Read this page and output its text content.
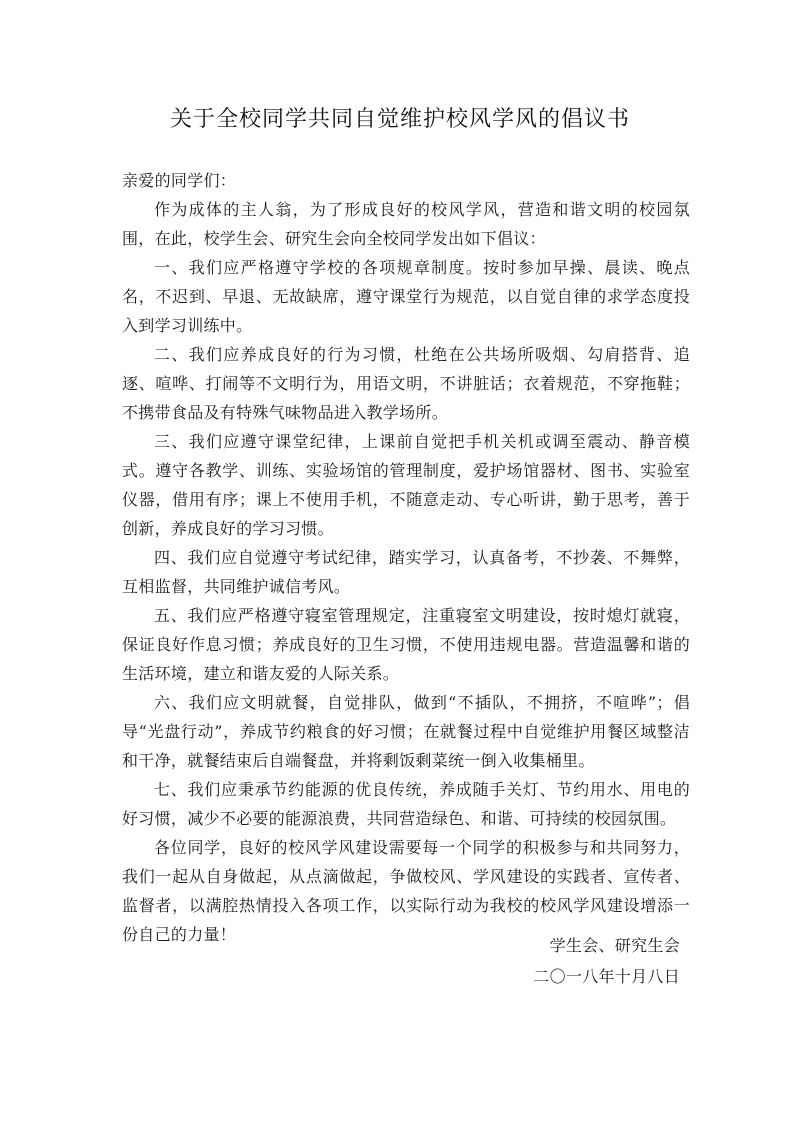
关于全校同学共同自觉维护校风学风的倡议书

亲爱的同学们：

作为成体的主人翁，为了形成良好的校风学风，营造和谐文明的校园氛围，在此，校学生会、研究生会向全校同学发出如下倡议：

一、我们应严格遵守学校的各项规章制度。按时参加早操、晨读、晚点名，不迟到、早退、无故缺席，遵守课堂行为规范，以自觉自律的求学态度投入到学习训练中。

二、我们应养成良好的行为习惯，杜绝在公共场所吸烟、勾肩搭背、追逐、喧哗、打闹等不文明行为，用语文明，不讲脏话；衣着规范，不穿拖鞋；不携带食品及有特殊气味物品进入教学场所。

三、我们应遵守课堂纪律，上课前自觉把手机关机或调至震动、静音模式。遵守各教学、训练、实验场馆的管理制度，爱护场馆器材、图书、实验室仪器，借用有序；课上不使用手机，不随意走动、专心听讲，勤于思考，善于创新，养成良好的学习习惯。

四、我们应自觉遵守考试纪律，踏实学习，认真备考，不抄袭、不舞弊，互相监督，共同维护诚信考风。

五、我们应严格遵守寝室管理规定，注重寝室文明建设，按时熄灯就寝，保证良好作息习惯；养成良好的卫生习惯，不使用违规电器。营造温馨和谐的生活环境，建立和谐友爱的人际关系。

六、我们应文明就餐，自觉排队，做到“不插队，不拥挤，不喧哗”；倡导“光盘行动”，养成节约粮食的好习惯；在就餐过程中自觉维护用餐区域整洁和干净，就餐结束后自端餐盘，并将剩饭剩菜统一倒入收集桶里。

七、我们应秉承节约能源的优良传统，养成随手关灯、节约用水、用电的好习惯，减少不必要的能源浪费，共同营造绿色、和谐、可持续的校园氛围。

各位同学，良好的校风学风建设需要每一个同学的积极参与和共同努力，我们一起从自身做起，从点滴做起，争做校风、学风建设的实践者、宣传者、监督者，以满腔热情投入各项工作，以实际行动为我校的校风学风建设增添一份自己的力量！

学生会、研究生会
二〇一八年十月八日
